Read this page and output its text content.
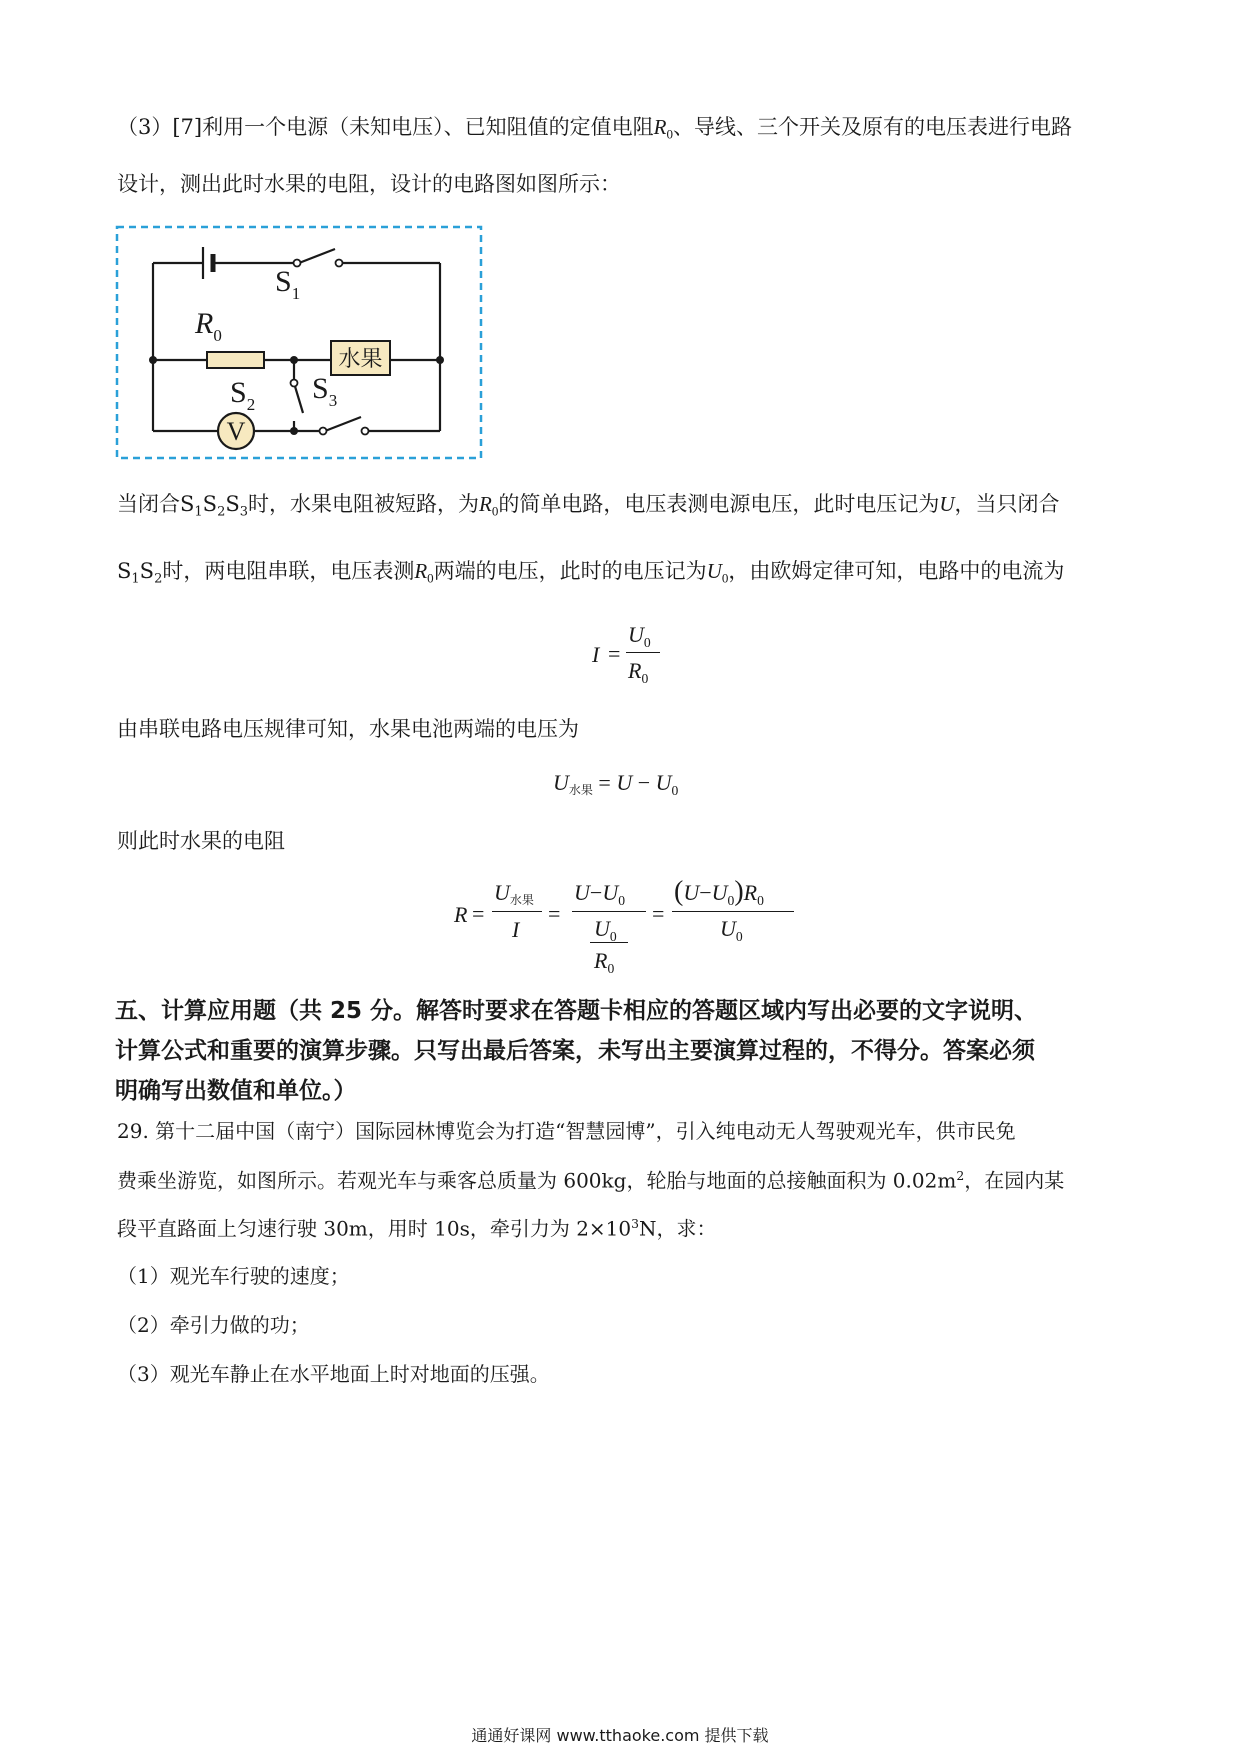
（3）[7]利用一个电源（未知电压）、已知阻值的定值电阻$R_0$、导线、三个开关及原有的电压表进行电路
设计，测出此时水果的电阻，设计的电路图如图所示：
水果
V
$S_1$
$R_0$
$S_2$ $S_3$
当闭合$S_1S_2S_3$时，水果电阻被短路，为$R_0$的简单电路，电压表测电源电压，此时电压记为U，当只闭合
$S_1S_2$时，两电阻串联，电压表测$R_0$两端的电压，此时的电压记为$U_0$，由欧姆定律可知，电路中的电流为
I =
$U_0$
$R_0$
由串联电路电压规律可知，水果电池两端的电压为
$U_{水果} = U - U_0$
则此时水果的电阻
R =
$U_{水果}$
I
=
$U-U_0$
$U_0$
$R_0$
=
$(U-U_0)R_0$
$U_0$
五、计算应用题（共 25 分。解答时要求在答题卡相应的答题区域内写出必要的文字说明、
计算公式和重要的演算步骤。只写出最后答案，未写出主要演算过程的，不得分。答案必须
明确写出数值和单位。）
29. 第十二届中国（南宁）国际园林博览会为打造“智慧园博”，引入纯电动无人驾驶观光车，供市民免
费乘坐游览，如图所示。若观光车与乘客总质量为 600kg，轮胎与地面的总接触面积为 $0.02m^2$，在园内某
段平直路面上匀速行驶 30m，用时 10s，牵引力为 $2\times 10^3N$，求：
（1）观光车行驶的速度；
（2）牵引力做的功；
（3）观光车静止在水平地面上时对地面的压强。
通通好课网 www.tthaoke.com 提供下载
